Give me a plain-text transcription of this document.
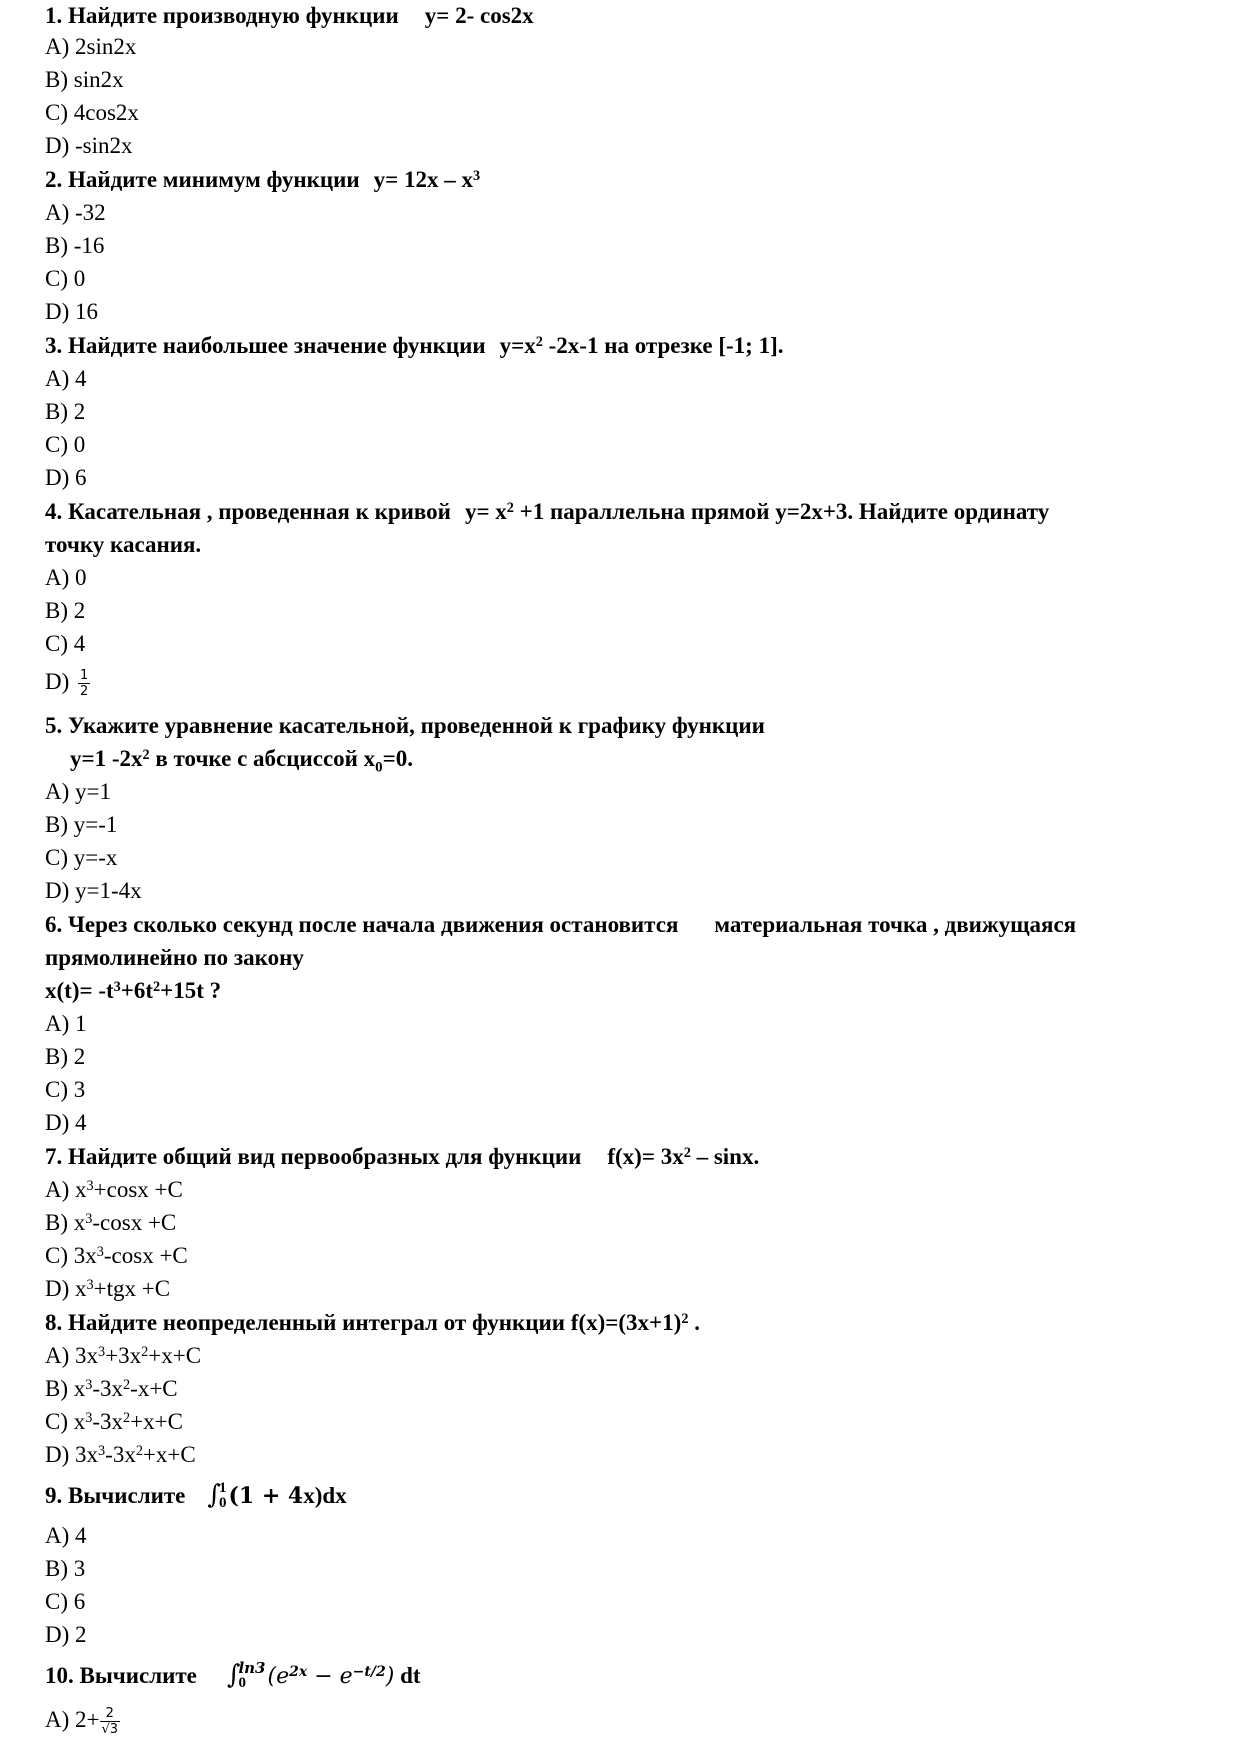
1. Найдите производную функции y= 2- cos2x
A) 2sin2x
B) sin2x
C) 4cos2x
D) -sin2x
2. Найдите минимум функции $y= 12x - x^3$
A) -32
B) -16
C) 0
D) 16
3. Найдите наибольшее значение функции $y=x^2$ -2x-1 на отрезке [-1; 1].
A) 4
B) 2
C) 0
D) 6
4. Касательная , проведенная к кривой $y= x^2 +1$ параллельна прямой y=2x+3. Найдите ординату
точку касания.
A) 0
B) 2
C) 4
$D) \frac{1}{2}$
5. Укажите уравнение касательной, проведенной к графику функции
y=1 $-2x^2$ в точке с абсциссой $x_0=0$.
A) y=1
B) y=-1
C) y=-x
D) y=1-4x
6. Через сколько секунд после начала движения остановится материальная точка , движущаяся
прямолинейно по закону
$x(t)= -t^3+6t^2+15t$ ?
A) 1
B) 2
C) 3
D) 4
7. Найдите общий вид первообразных для функции $f(x)= 3x^2 - \sin x$.
A) $x^3+\cos x +C$
B) $x^3$-cosx +C
C) $3x^3$-cosx +C
D) $x^3+tgx +C$
8. Найдите неопределенный интеграл от функции $f(x)=(3x+1)^2$ .
A) $3x^3+3x^2+x+C$
B) $x^3-3x^2-x+C$
C) $x^3-3x^2+x+C$
D) $3x^3-3x^2+x+C$
9. Вычислите ∫
1
0 (1 + 4x)dx
A) 4
B) 3
C) 6
D) 2
10. Вычислите ∫
ln3
0 $(e^{2x} - e^{-t/2})$ dt
A) $2+ \frac{2}{√3}$
